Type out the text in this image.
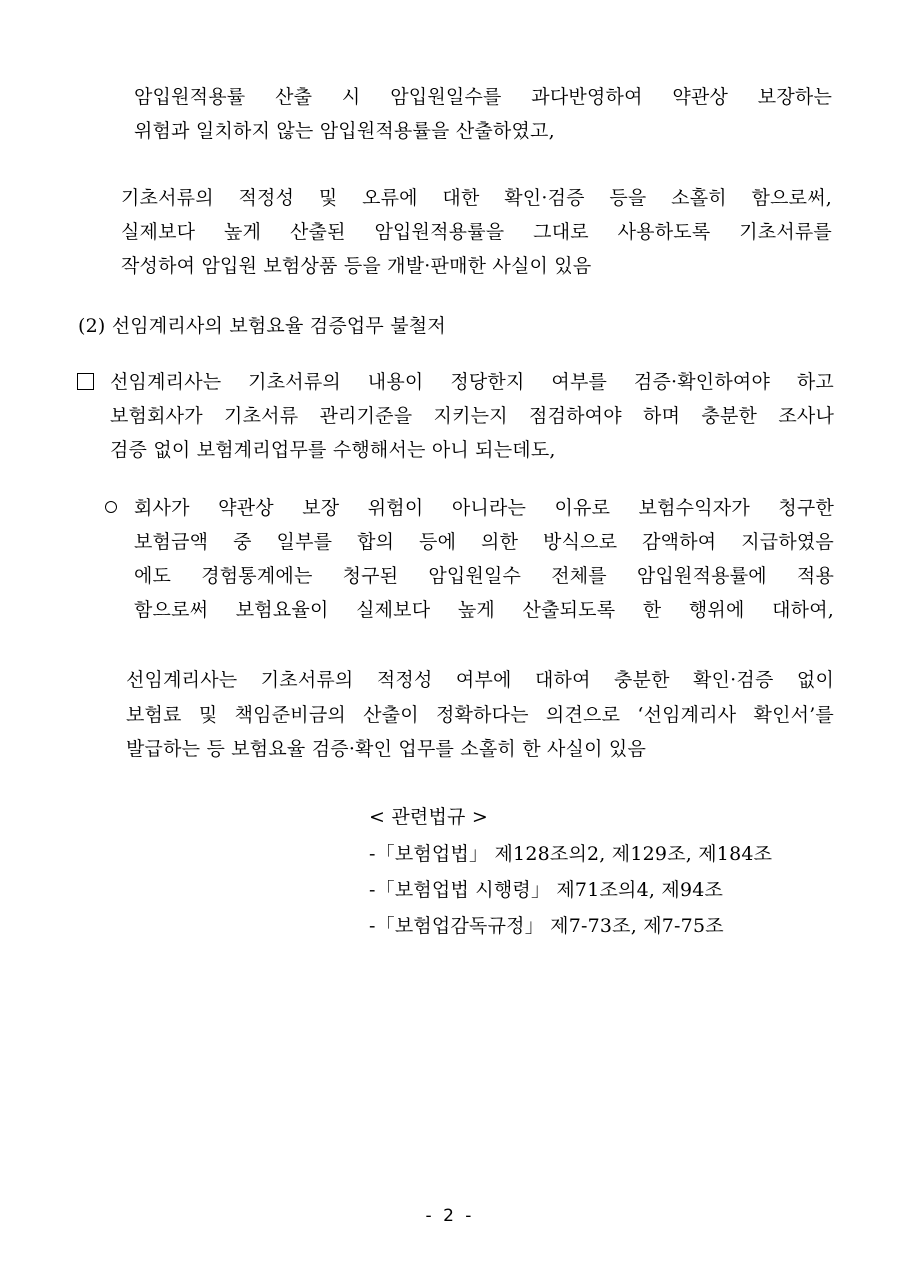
암입원적용률 산출 시 암입원일수를 과다반영하여 약관상 보장하는
위험과 일치하지 않는 암입원적용률을 산출하였고,
기초서류의 적정성 및 오류에 대한 확인·검증 등을 소홀히 함으로써,
실제보다 높게 산출된 암입원적용률을 그대로 사용하도록 기초서류를
작성하여 암입원 보험상품 등을 개발·판매한 사실이 있음
(2) 선임계리사의 보험요율 검증업무 불철저
선임계리사는 기초서류의 내용이 정당한지 여부를 검증·확인하여야 하고
보험회사가 기초서류 관리기준을 지키는지 점검하여야 하며 충분한 조사나
검증 없이 보험계리업무를 수행해서는 아니 되는데도,
회사가 약관상 보장 위험이 아니라는 이유로 보험수익자가 청구한
보험금액 중 일부를 합의 등에 의한 방식으로 감액하여 지급하였음
에도 경험통계에는 청구된 암입원일수 전체를 암입원적용률에 적용
함으로써 보험요율이 실제보다 높게 산출되도록 한 행위에 대하여,
선임계리사는 기초서류의 적정성 여부에 대하여 충분한 확인·검증 없이
보험료 및 책임준비금의 산출이 정확하다는 의견으로 ‘선임계리사 확인서’를
발급하는 등 보험요율 검증·확인 업무를 소홀히 한 사실이 있음
< 관련법규 >
-「보험업법」 제128조의2, 제129조, 제184조
-「보험업법 시행령」 제71조의4, 제94조
-「보험업감독규정」 제7-73조, 제7-75조
- 2 -
